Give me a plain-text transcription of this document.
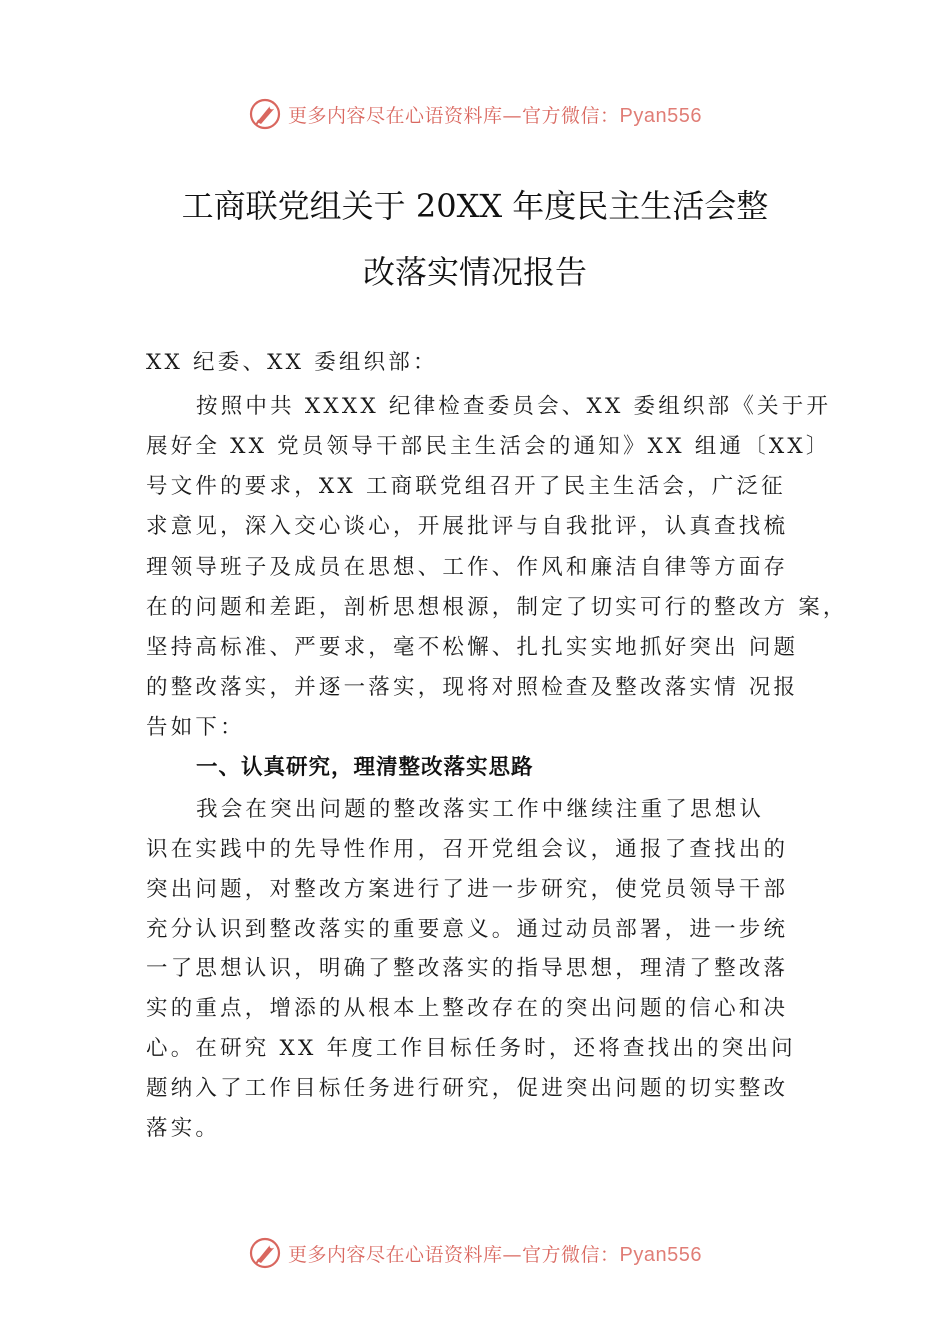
更多内容尽在心语资料库—官方微信：Pyan556
工商联党组关于 20XX 年度民主生活会整
改落实情况报告
XX 纪委、XX 委组织部：
按照中共 XXXX 纪律检查委员会、XX 委组织部《关于开
展好全 XX 党员领导干部民主生活会的通知》XX 组通〔XX〕
号文件的要求，XX 工商联党组召开了民主生活会，广泛征
求意见，深入交心谈心，开展批评与自我批评，认真查找梳
理领导班子及成员在思想、工作、作风和廉洁自律等方面存
在的问题和差距，剖析思想根源，制定了切实可行的整改方 案，
坚持高标准、严要求，毫不松懈、扎扎实实地抓好突出 问题
的整改落实，并逐一落实，现将对照检查及整改落实情 况报
告如下：
一、认真研究，理清整改落实思路
我会在突出问题的整改落实工作中继续注重了思想认
识在实践中的先导性作用，召开党组会议，通报了查找出的
突出问题，对整改方案进行了进一步研究，使党员领导干部
充分认识到整改落实的重要意义。通过动员部署，进一步统
一了思想认识，明确了整改落实的指导思想，理清了整改落
实的重点，增添的从根本上整改存在的突出问题的信心和决
心。在研究 XX 年度工作目标任务时，还将查找出的突出问
题纳入了工作目标任务进行研究，促进突出问题的切实整改
落实。
更多内容尽在心语资料库—官方微信：Pyan556
